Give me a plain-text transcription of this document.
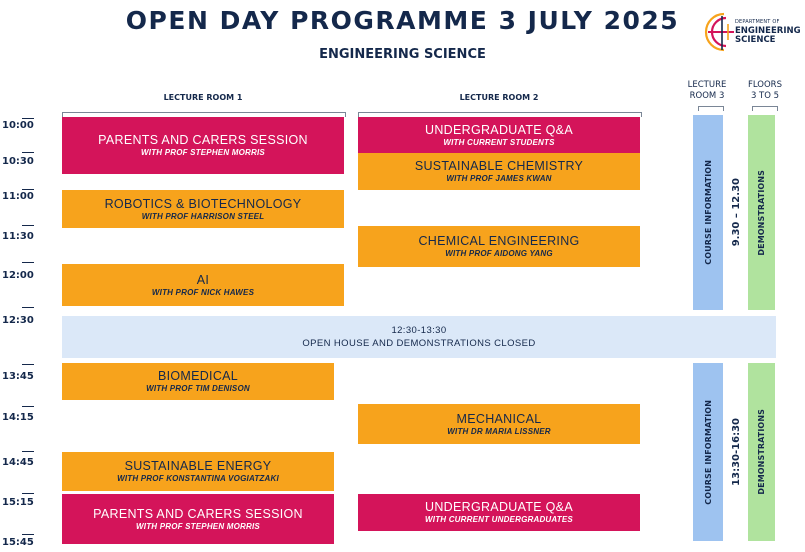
OPEN DAY PROGRAMME 3 JULY 2025
ENGINEERING SCIENCE
DEPARTMENT OF
ENGINEERING
SCIENCE
LECTURE ROOM 1	LECTURE ROOM 2
LECTURE
ROOM 3
FLOORS
3 TO 5
10:00
10:30
11:00
11:30
12:00
12:30
13:45
14:15
14:45
15:15
15:45
PARENTS AND CARERS SESSION
WITH PROF STEPHEN MORRIS
ROBOTICS & BIOTECHNOLOGY
WITH PROF HARRISON STEEL
AI
WITH PROF NICK HAWES
UNDERGRADUATE Q&A
WITH CURRENT STUDENTS
SUSTAINABLE CHEMISTRY
WITH PROF JAMES KWAN
CHEMICAL ENGINEERING
WITH PROF AIDONG YANG	COURSE INFORMATION 9.30 – 12.30 DEMONSTRATIONS
12:30-13:30
OPEN HOUSE AND DEMONSTRATIONS CLOSED
BIOMEDICAL
WITH PROF TIM DENISON
SUSTAINABLE ENERGY
WITH PROF KONSTANTINA VOGIATZAKI
PARENTS AND CARERS SESSION
WITH PROF STEPHEN MORRIS
MECHANICAL
WITH DR MARIA LISSNER
UNDERGRADUATE Q&A
WITH CURRENT UNDERGRADUATES
COURSE INFORMATION 13:30-16:30 DEMONSTRATIONS
